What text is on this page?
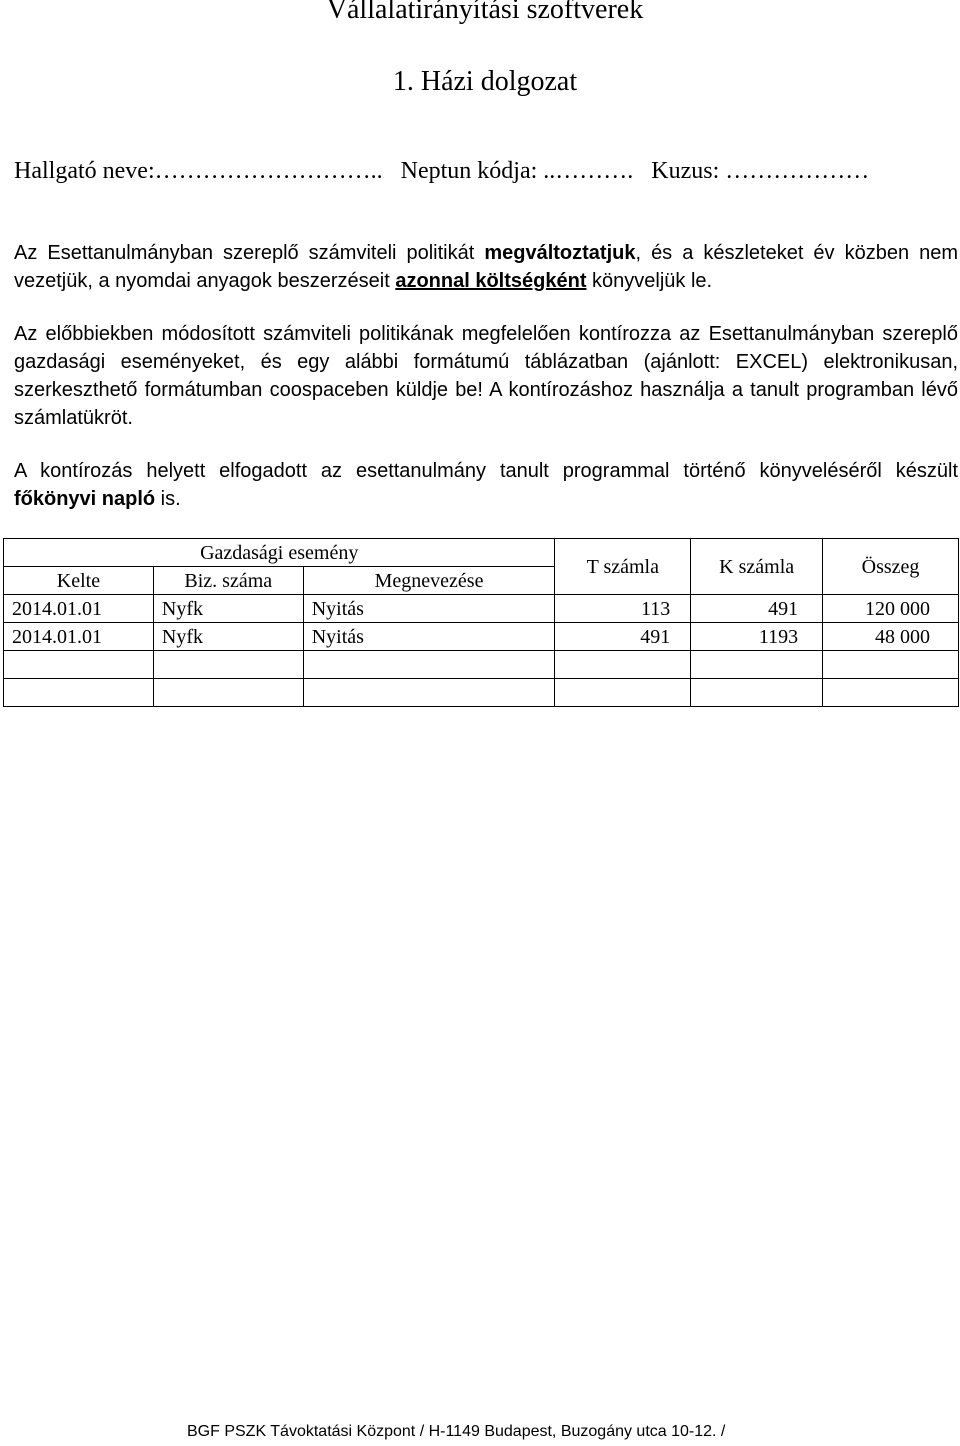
Vállalatirányítási szoftverek
1. Házi dolgozat
Hallgató neve:……………………….. Neptun kódja: ..………. Kuzus: ………………

Az Esettanulmányban szereplő számviteli politikát megváltoztatjuk, és a készleteket év közben nem vezetjük, a nyomdai anyagok beszerzéseit azonnal költségként könyveljük le.

Az előbbiekben módosított számviteli politikának megfelelően kontírozza az Esettanulmányban szereplő gazdasági eseményeket, és egy alábbi formátumú táblázatban (ajánlott: EXCEL) elektronikusan, szerkeszthető formátumban coospaceben küldje be! A kontírozáshoz használja a tanult programban lévő számlatükröt.

A kontírozás helyett elfogadott az esettanulmány tanult programmal történő könyveléséről készült főkönyvi napló is.

Gazdasági esemény			T számla	K számla	Összeg
Kelte	Biz. száma	Megnevezése			
2014.01.01	Nyfk	Nyitás	113	491	120 000
2014.01.01	Nyfk	Nyitás	491	1193	48 000

BGF PSZK Távoktatási Központ / H-1149 Budapest, Buzogány utca 10-12. /
